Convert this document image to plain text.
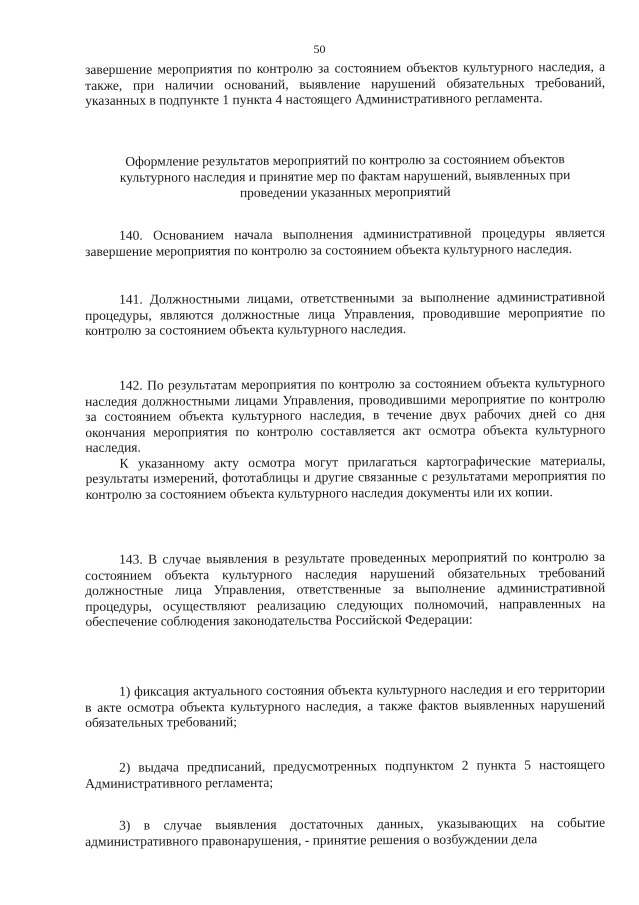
50

завершение мероприятия по контролю за состоянием объектов культурного наследия, а также, при наличии оснований, выявление нарушений обязательных требований, указанных в подпункте 1 пункта 4 настоящего Административного регламента.

Оформление результатов мероприятий по контролю за состоянием объектов культурного наследия и принятие мер по фактам нарушений, выявленных при проведении указанных мероприятий

140. Основанием начала выполнения административной процедуры является завершение мероприятия по контролю за состоянием объекта культурного наследия.

141. Должностными лицами, ответственными за выполнение административной процедуры, являются должностные лица Управления, проводившие мероприятие по контролю за состоянием объекта культурного наследия.

142. По результатам мероприятия по контролю за состоянием объекта культурного наследия должностными лицами Управления, проводившими мероприятие по контролю за состоянием объекта культурного наследия, в течение двух рабочих дней со дня окончания мероприятия по контролю составляется акт осмотра объекта культурного наследия.

К указанному акту осмотра могут прилагаться картографические материалы, результаты измерений, фототаблицы и другие связанные с результатами мероприятия по контролю за состоянием объекта культурного наследия документы или их копии.

143. В случае выявления в результате проведенных мероприятий по контролю за состоянием объекта культурного наследия нарушений обязательных требований должностные лица Управления, ответственные за выполнение административной процедуры, осуществляют реализацию следующих полномочий, направленных на обеспечение соблюдения законодательства Российской Федерации:

1) фиксация актуального состояния объекта культурного наследия и его территории в акте осмотра объекта культурного наследия, а также фактов выявленных нарушений обязательных требований;

2) выдача предписаний, предусмотренных подпунктом 2 пункта 5 настоящего Административного регламента;

3) в случае выявления достаточных данных, указывающих на событие административного правонарушения, - принятие решения о возбуждении дела
